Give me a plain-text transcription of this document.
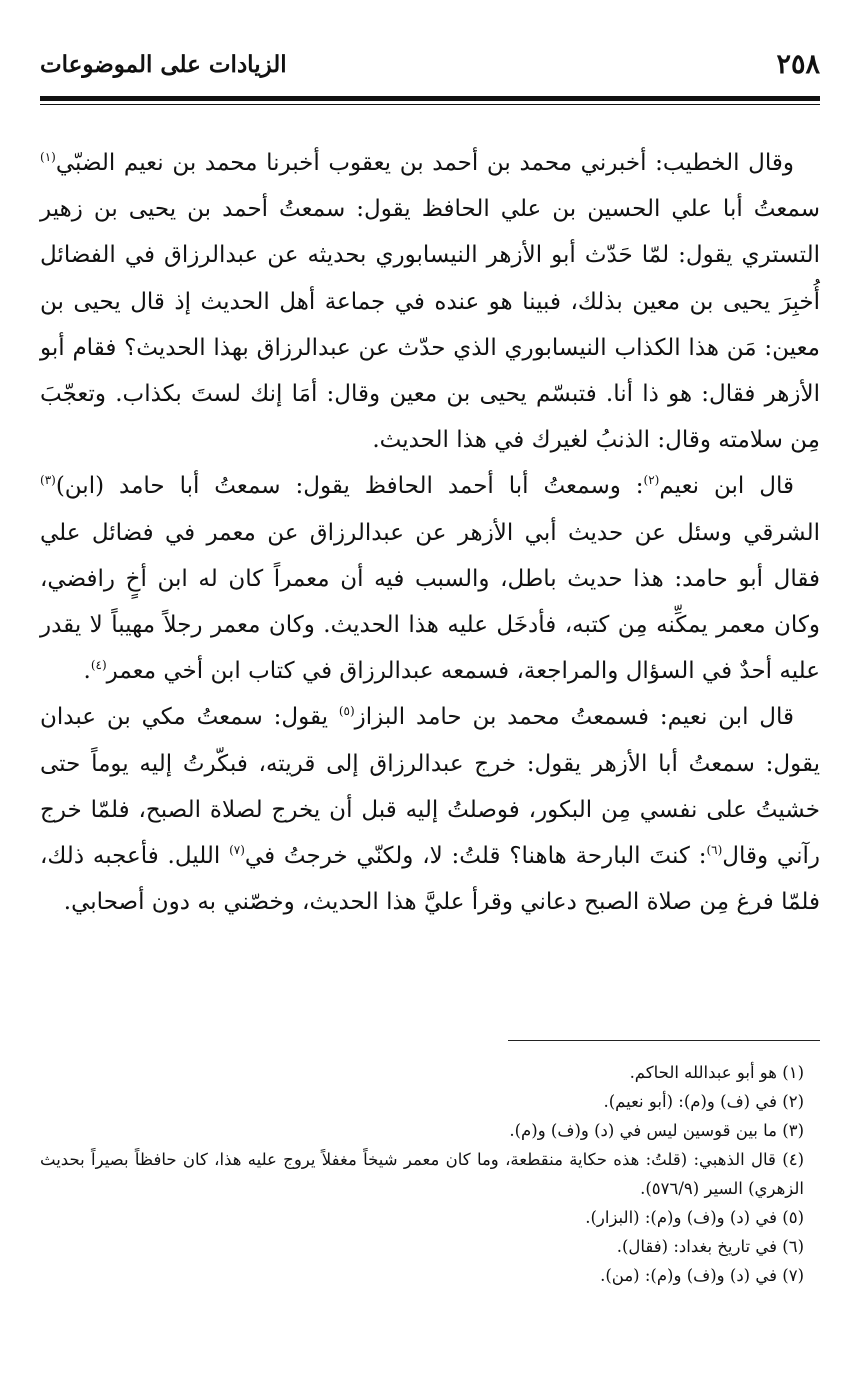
٢٥٨
الزيادات على الموضوعات

وقال الخطيب: أخبرني محمد بن أحمد بن يعقوب أخبرنا محمد بن نعيم الضبّي$^{(١)}$ سمعتُ أبا علي الحسين بن علي الحافظ يقول: سمعتُ أحمد بن يحيى بن زهير التستري يقول: لمّا حَدّث أبو الأزهر النيسابوري بحديثه عن عبدالرزاق في الفضائل أُخبِرَ يحيى بن معين بذلك، فبينا هو عنده في جماعة أهل الحديث إذ قال يحيى بن معين: مَن هذا الكذاب النيسابوري الذي حدّث عن عبدالرزاق بهذا الحديث؟ فقام أبو الأزهر فقال: هو ذا أنا. فتبسّم يحيى بن معين وقال: أمَا إنك لستَ بكذاب. وتعجّبَ مِن سلامته وقال: الذنبُ لغيرك في هذا الحديث.

قال ابن نعيم$^{(٢)}$: وسمعتُ أبا أحمد الحافظ يقول: سمعتُ أبا حامد (ابن)$^{(٣)}$ الشرقي وسئل عن حديث أبي الأزهر عن عبدالرزاق عن معمر في فضائل علي فقال أبو حامد: هذا حديث باطل، والسبب فيه أن معمراً كان له ابن أخٍ رافضي، وكان معمر يمكِّنه مِن كتبه، فأدخَل عليه هذا الحديث. وكان معمر رجلاً مهيباً لا يقدر عليه أحدٌ في السؤال والمراجعة، فسمعه عبدالرزاق في كتاب ابن أخي معمر$^{(٤)}$.

قال ابن نعيم: فسمعتُ محمد بن حامد البزاز$^{(٥)}$ يقول: سمعتُ مكي بن عبدان يقول: سمعتُ أبا الأزهر يقول: خرج عبدالرزاق إلى قريته، فبكّرتُ إليه يوماً حتى خشيتُ على نفسي مِن البكور، فوصلتُ إليه قبل أن يخرج لصلاة الصبح، فلمّا خرج رآني وقال$^{(٦)}$: كنتَ البارحة هاهنا؟ قلتُ: لا، ولكنّي خرجتُ في$^{(٧)}$ الليل. فأعجبه ذلك، فلمّا فرغ مِن صلاة الصبح دعاني وقرأ عليَّ هذا الحديث، وخصّني به دون أصحابي.

(١) هو أبو عبدالله الحاكم.

(٢) في (ف) و(م): (أبو نعيم).

(٣) ما بين قوسين ليس في (د) و(ف) و(م).

(٤) قال الذهبي: (قلتُ: هذه حكاية منقطعة، وما كان معمر شيخاً مغفلاً يروج عليه هذا، كان حافظاً بصيراً بحديث الزهري) السير (٥٧٦/٩).

(٥) في (د) و(ف) و(م): (البزار).

(٦) في تاريخ بغداد: (فقال).

(٧) في (د) و(ف) و(م): (من).
